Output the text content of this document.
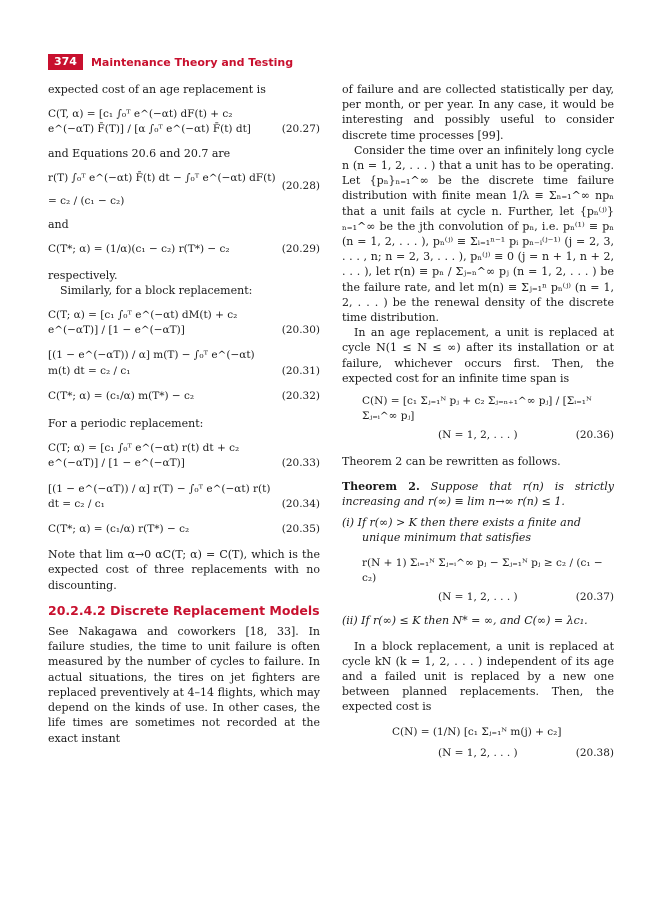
374	Maintenance Theory and Testing

expected cost of an age replacement is

C(T, α) = [c₁ ∫₀ᵀ e^(−αt) dF(t) + c₂ e^(−αT) F̄(T)] / [α ∫₀ᵀ e^(−αt) F̄(t) dt]	(20.27)

and Equations 20.6 and 20.7 are

r(T) ∫₀ᵀ e^(−αt) F̄(t) dt − ∫₀ᵀ e^(−αt) dF(t)
= c₂ / (c₁ − c₂)
(20.28)

and

C(T*; α) = (1/α)(c₁ − c₂) r(T*) − c₂	(20.29)

respectively.

Similarly, for a block replacement:

C(T; α) = [c₁ ∫₀ᵀ e^(−αt) dM(t) + c₂ e^(−αT)] / [1 − e^(−αT)]	(20.30)
[(1 − e^(−αT)) / α] m(T) − ∫₀ᵀ e^(−αt) m(t) dt = c₂ / c₁	(20.31)
C(T*; α) = (c₁/α) m(T*) − c₂	(20.32)

For a periodic replacement:

C(T; α) = [c₁ ∫₀ᵀ e^(−αt) r(t) dt + c₂ e^(−αT)] / [1 − e^(−αT)]	(20.33)
[(1 − e^(−αT)) / α] r(T) − ∫₀ᵀ e^(−αt) r(t) dt = c₂ / c₁	(20.34)
C(T*; α) = (c₁/α) r(T*) − c₂	(20.35)

Note that lim α→0 αC(T; α) = C(T), which is the expected cost of three replacements with no discounting.

20.2.4.2 Discrete Replacement Models

See Nakagawa and coworkers [18, 33]. In failure studies, the time to unit failure is often measured by the number of cycles to failure. In actual situations, the tires on jet fighters are replaced preventively at 4–14 flights, which may depend on the kinds of use. In other cases, the life times are sometimes not recorded at the exact instant

of failure and are collected statistically per day, per month, or per year. In any case, it would be interesting and possibly useful to consider discrete time processes [99].

Consider the time over an infinitely long cycle n (n = 1, 2, . . . ) that a unit has to be operating. Let {pₙ}ₙ₌₁^∞ be the discrete time failure distribution with finite mean 1/λ ≡ Σₙ₌₁^∞ npₙ that a unit fails at cycle n. Further, let {pₙ⁽ʲ⁾}ₙ₌₁^∞ be the jth convolution of pₙ, i.e. pₙ⁽¹⁾ ≡ pₙ (n = 1, 2, . . . ), pₙ⁽ʲ⁾ ≡ Σᵢ₌₁ⁿ⁻¹ pᵢ pₙ₋ᵢ⁽ʲ⁻¹⁾ (j = 2, 3, . . . , n; n = 2, 3, . . . ), pₙ⁽ʲ⁾ ≡ 0 (j = n + 1, n + 2, . . . ), let r(n) ≡ pₙ / Σⱼ₌ₙ^∞ pⱼ (n = 1, 2, . . . ) be the failure rate, and let m(n) ≡ Σⱼ₌₁ⁿ pₙ⁽ʲ⁾ (n = 1, 2, . . . ) be the renewal density of the discrete time distribution.

In an age replacement, a unit is replaced at cycle N(1 ≤ N ≤ ∞) after its installation or at failure, whichever occurs first. Then, the expected cost for an infinite time span is

C(N) = [c₁ Σⱼ₌₁ᴺ pⱼ + c₂ Σⱼ₌ₙ₊₁^∞ pⱼ] / [Σᵢ₌₁ᴺ Σⱼ₌ᵢ^∞ pⱼ]
(N = 1, 2, . . . )	(20.36)

Theorem 2 can be rewritten as follows.

Theorem 2. Suppose that r(n) is strictly increasing and r(∞) ≡ lim n→∞ r(n) ≤ 1.

(i) If r(∞) > K then there exists a finite and unique minimum that satisfies

r(N + 1) Σᵢ₌₁ᴺ Σⱼ₌ᵢ^∞ pⱼ − Σⱼ₌₁ᴺ pⱼ ≥ c₂ / (c₁ − c₂)
(N = 1, 2, . . . )	(20.37)

(ii) If r(∞) ≤ K then N* = ∞, and C(∞) = λc₁.

In a block replacement, a unit is replaced at cycle kN (k = 1, 2, . . . ) independent of its age and a failed unit is replaced by a new one between planned replacements. Then, the expected cost is

C(N) = (1/N) [c₁ Σⱼ₌₁ᴺ m(j) + c₂]
(N = 1, 2, . . . )	(20.38)
